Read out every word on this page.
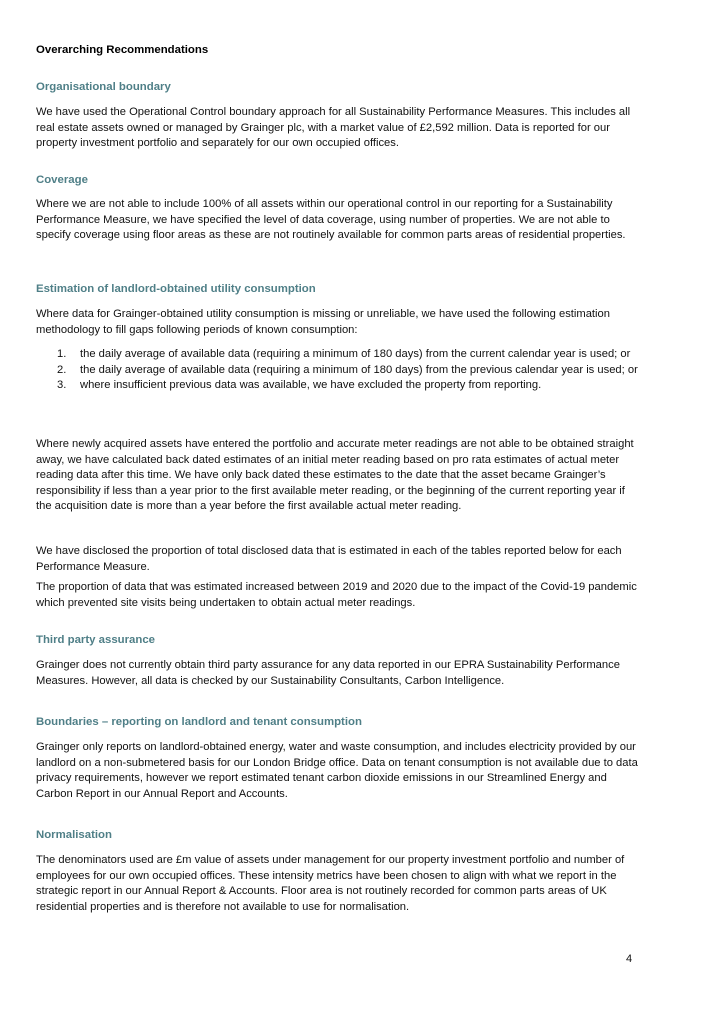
Overarching Recommendations
Organisational boundary

We have used the Operational Control boundary approach for all Sustainability Performance Measures. This includes all real estate assets owned or managed by Grainger plc, with a market value of £2,592 million. Data is reported for our property investment portfolio and separately for our own occupied offices.

Coverage

Where we are not able to include 100% of all assets within our operational control in our reporting for a Sustainability Performance Measure, we have specified the level of data coverage, using number of properties. We are not able to specify coverage using floor areas as these are not routinely available for common parts areas of residential properties.

Estimation of landlord-obtained utility consumption

Where data for Grainger-obtained utility consumption is missing or unreliable, we have used the following estimation methodology to fill gaps following periods of known consumption:

1. the daily average of available data (requiring a minimum of 180 days) from the current calendar year is used; or
2. the daily average of available data (requiring a minimum of 180 days) from the previous calendar year is used; or
3. where insufficient previous data was available, we have excluded the property from reporting.

Where newly acquired assets have entered the portfolio and accurate meter readings are not able to be obtained straight away, we have calculated back dated estimates of an initial meter reading based on pro rata estimates of actual meter reading data after this time. We have only back dated these estimates to the date that the asset became Grainger’s responsibility if less than a year prior to the first available meter reading, or the beginning of the current reporting year if the acquisition date is more than a year before the first available actual meter reading.

We have disclosed the proportion of total disclosed data that is estimated in each of the tables reported below for each Performance Measure.

The proportion of data that was estimated increased between 2019 and 2020 due to the impact of the Covid-19 pandemic which prevented site visits being undertaken to obtain actual meter readings.

Third party assurance

Grainger does not currently obtain third party assurance for any data reported in our EPRA Sustainability Performance Measures. However, all data is checked by our Sustainability Consultants, Carbon Intelligence.

Boundaries – reporting on landlord and tenant consumption

Grainger only reports on landlord-obtained energy, water and waste consumption, and includes electricity provided by our landlord on a non-submetered basis for our London Bridge office. Data on tenant consumption is not available due to data privacy requirements, however we report estimated tenant carbon dioxide emissions in our Streamlined Energy and Carbon Report in our Annual Report and Accounts.

Normalisation

The denominators used are £m value of assets under management for our property investment portfolio and number of employees for our own occupied offices. These intensity metrics have been chosen to align with what we report in the strategic report in our Annual Report & Accounts. Floor area is not routinely recorded for common parts areas of UK residential properties and is therefore not available to use for normalisation.

4
